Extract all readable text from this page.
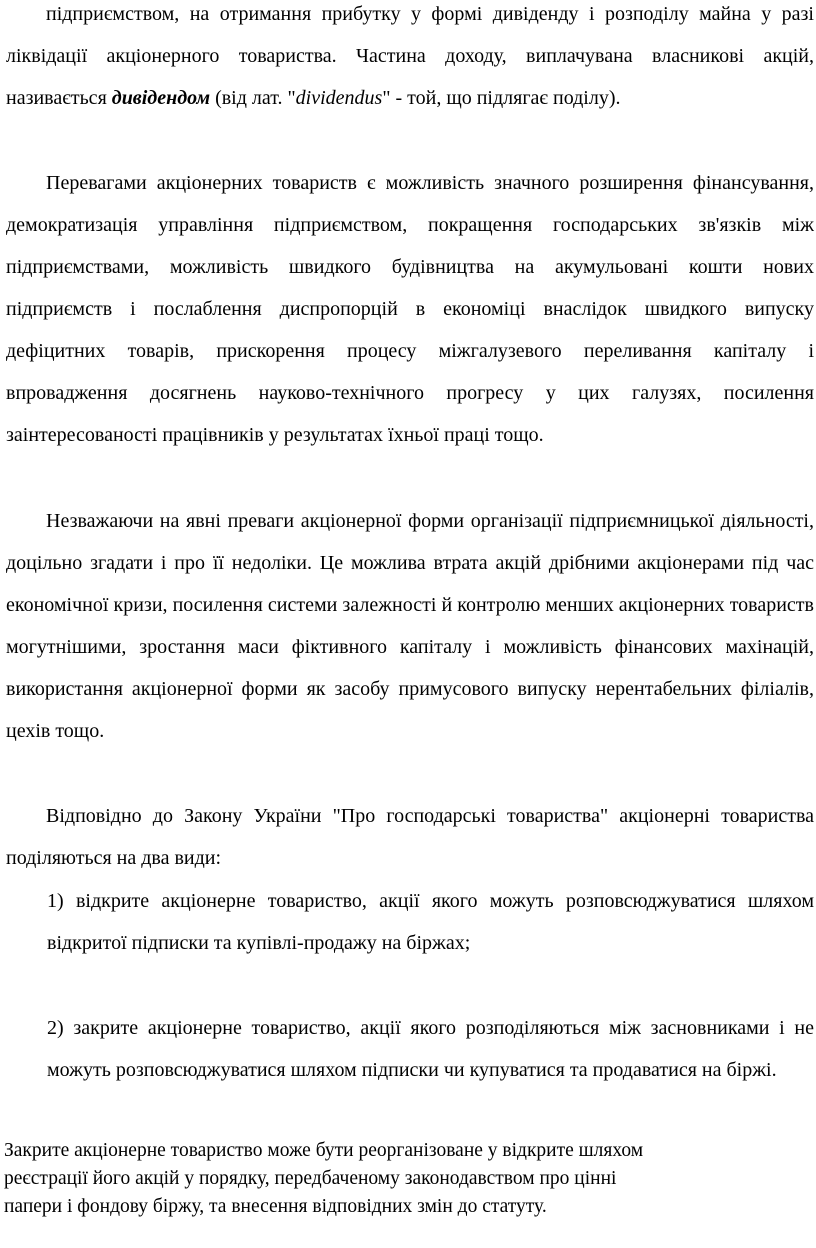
підприємством, на отримання прибутку у формі дивіденду і розподілу майна у разі ліквідації акціонерного товариства. Частина доходу, виплачувана власникові акцій, називається дивідендом (від лат. "dividendus" - той, що підлягає поділу).

Перевагами акціонерних товариств є можливість значного розширення фінансування, демократизація управління підприємством, покращення господарських зв'язків між підприємствами, можливість швидкого будівництва на акумульовані кошти нових підприємств і послаблення диспропорцій в економіці внаслідок швидкого випуску дефіцитних товарів, прискорення процесу міжгалузевого переливання капіталу і впровадження досягнень науково-технічного прогресу у цих галузях, посилення заінтересованості працівників у результатах їхньої праці тощо.

Незважаючи на явні преваги акціонерної форми організації підприємницької діяльності, доцільно згадати і про її недоліки. Це можлива втрата акцій дрібними акціонерами під час економічної кризи, посилення системи залежності й контролю менших акціонерних товариств могутнішими, зростання маси фіктивного капіталу і можливість фінансових махінацій, використання акціонерної форми як засобу примусового випуску нерентабельних філіалів, цехів тощо.

Відповідно до Закону України "Про господарські товариства" акціонерні товариства поділяються на два види:

1) відкрите акціонерне товариство, акції якого можуть розповсюджуватися шляхом відкритої підписки та купівлі-продажу на біржах;

2) закрите акціонерне товариство, акції якого розподіляються між засновниками і не можуть розповсюджуватися шляхом підписки чи купуватися та продаватися на біржі.

Закрите акціонерне товариство може бути реорганізоване у відкрите шляхом
реєстрації його акцій у порядку, передбаченому законодавством про цінні
папери і фондову біржу, та внесення відповідних змін до статуту.
